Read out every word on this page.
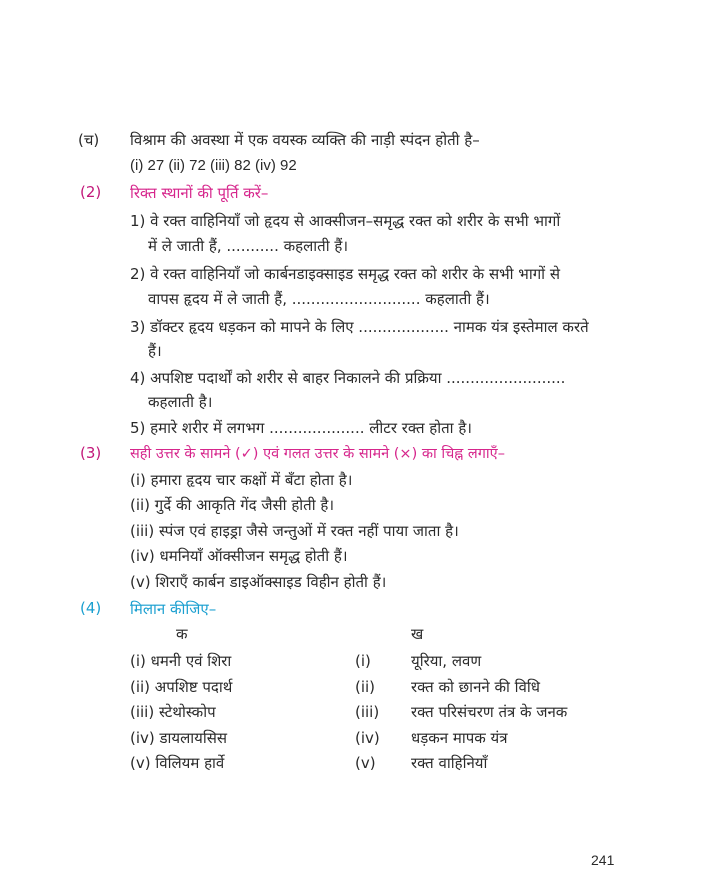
(च) विश्राम की अवस्था में एक वयस्क व्यक्ति की नाड़ी स्पंदन होती है–
(i) 27 (ii) 72 (iii) 82 (iv) 92
(2) रिक्त स्थानों की पूर्ति करें–
1) वे रक्त वाहिनियाँ जो हृदय से आक्सीजन–समृद्ध रक्त को शरीर के सभी भागों
में ले जाती हैं, ........... कहलाती हैं।
2) वे रक्त वाहिनियाँ जो कार्बनडाइक्साइड समृद्ध रक्त को शरीर के सभी भागों से
वापस हृदय में ले जाती हैं, ........................... कहलाती हैं।
3) डॉक्टर हृदय धड़कन को मापने के लिए ................... नामक यंत्र इस्तेमाल करते
हैं।
4) अपशिष्ट पदार्थों को शरीर से बाहर निकालने की प्रक्रिया .........................
कहलाती है।
5) हमारे शरीर में लगभग .................... लीटर रक्त होता है।
(3) सही उत्तर के सामने (✓) एवं गलत उत्तर के सामने (×) का चिह्न लगाएँ–
(i) हमारा हृदय चार कक्षों में बँटा होता है।
(ii) गुर्दे की आकृति गेंद जैसी होती है।
(iii) स्पंज एवं हाइड्रा जैसे जन्तुओं में रक्त नहीं पाया जाता है।
(iv) धमनियाँ ऑक्सीजन समृद्ध होती हैं।
(v) शिराएँ कार्बन डाइऑक्साइड विहीन होती हैं।
(4) मिलान कीजिए–
क	ख
(i) धमनी एवं शिरा
(ii) अपशिष्ट पदार्थ
(iii) स्टेथोस्कोप
(iv) डायलायसिस
(v) विलियम हार्वे
(i)
(ii)
(iii)
(iv)
(v)
यूरिया, लवण
रक्त को छानने की विधि
रक्त परिसंचरण तंत्र के जनक
धड़कन मापक यंत्र
रक्त वाहिनियाँ
241
